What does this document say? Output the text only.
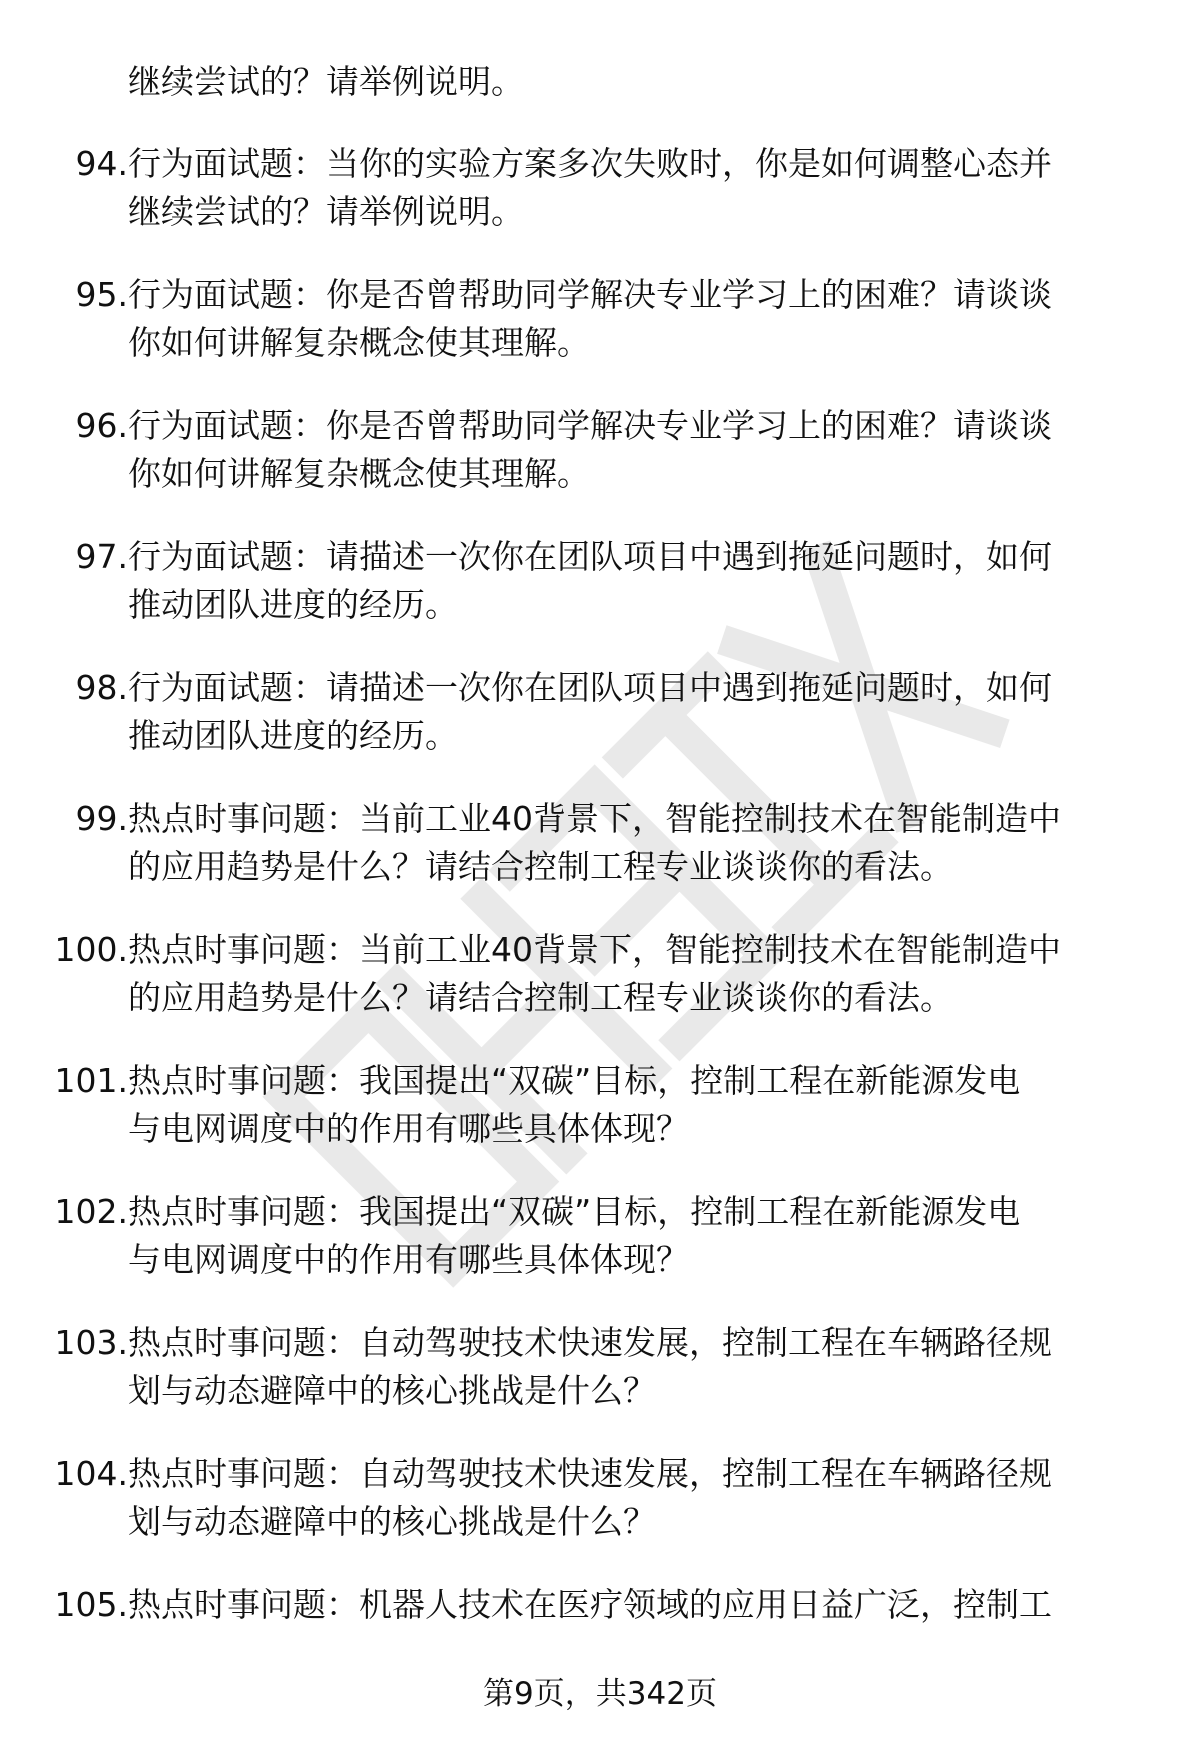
继续尝试的？请举例说明。
94. 行为面试题：当你的实验方案多次失败时，你是如何调整心态并
继续尝试的？请举例说明。
95. 行为面试题：你是否曾帮助同学解决专业学习上的困难？请谈谈
你如何讲解复杂概念使其理解。
96. 行为面试题：你是否曾帮助同学解决专业学习上的困难？请谈谈
你如何讲解复杂概念使其理解。
97. 行为面试题：请描述一次你在团队项目中遇到拖延问题时，如何
推动团队进度的经历。
98. 行为面试题：请描述一次你在团队项目中遇到拖延问题时，如何
推动团队进度的经历。
99. 热点时事问题：当前工业40背景下，智能控制技术在智能制造中
的应用趋势是什么？请结合控制工程专业谈谈你的看法。
100. 热点时事问题：当前工业40背景下，智能控制技术在智能制造中
的应用趋势是什么？请结合控制工程专业谈谈你的看法。
101. 热点时事问题：我国提出“双碳”目标，控制工程在新能源发电
与电网调度中的作用有哪些具体体现？
102. 热点时事问题：我国提出“双碳”目标，控制工程在新能源发电
与电网调度中的作用有哪些具体体现？
103. 热点时事问题：自动驾驶技术快速发展，控制工程在车辆路径规
划与动态避障中的核心挑战是什么？
104. 热点时事问题：自动驾驶技术快速发展，控制工程在车辆路径规
划与动态避障中的核心挑战是什么？
105. 热点时事问题：机器人技术在医疗领域的应用日益广泛，控制工
第9页，共342页
